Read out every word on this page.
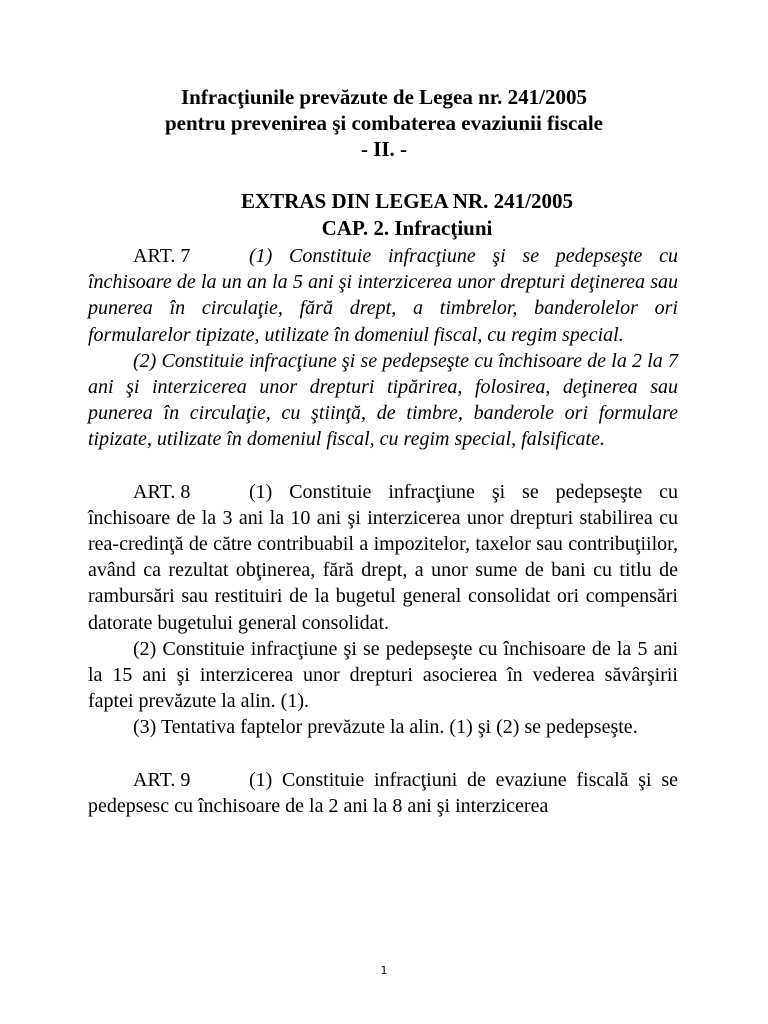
Infracţiunile prevăzute de Legea nr. 241/2005
pentru prevenirea şi combaterea evaziunii fiscale
- II. -
EXTRAS DIN LEGEA NR. 241/2005
CAP. 2. Infracţiuni

ART. 7	(1) Constituie infracţiune şi se pedepseşte cu închisoare de la un an la 5 ani şi interzicerea unor drepturi deţinerea sau punerea în circulaţie, fără drept, a timbrelor, banderolelor ori formularelor tipizate, utilizate în domeniul fiscal, cu regim special.

(2) Constituie infracţiune şi se pedepseşte cu închisoare de la 2 la 7 ani şi interzicerea unor drepturi tipărirea, folosirea, deţinerea sau punerea în circulaţie, cu ştiinţă, de timbre, banderole ori formulare tipizate, utilizate în domeniul fiscal, cu regim special, falsificate.

ART. 8	(1) Constituie infracţiune şi se pedepseşte cu închisoare de la 3 ani la 10 ani şi interzicerea unor drepturi stabilirea cu rea-credinţă de către contribuabil a impozitelor, taxelor sau contribuţiilor, având ca rezultat obţinerea, fără drept, a unor sume de bani cu titlu de rambursări sau restituiri de la bugetul general consolidat ori compensări datorate bugetului general consolidat.

(2) Constituie infracţiune şi se pedepseşte cu închisoare de la 5 ani la 15 ani şi interzicerea unor drepturi asocierea în vederea săvârşirii faptei prevăzute la alin. (1).

(3) Tentativa faptelor prevăzute la alin. (1) şi (2) se pedepseşte.

ART. 9	(1) Constituie infracţiuni de evaziune fiscală şi se pedepsesc cu închisoare de la 2 ani la 8 ani şi interzicerea

1
